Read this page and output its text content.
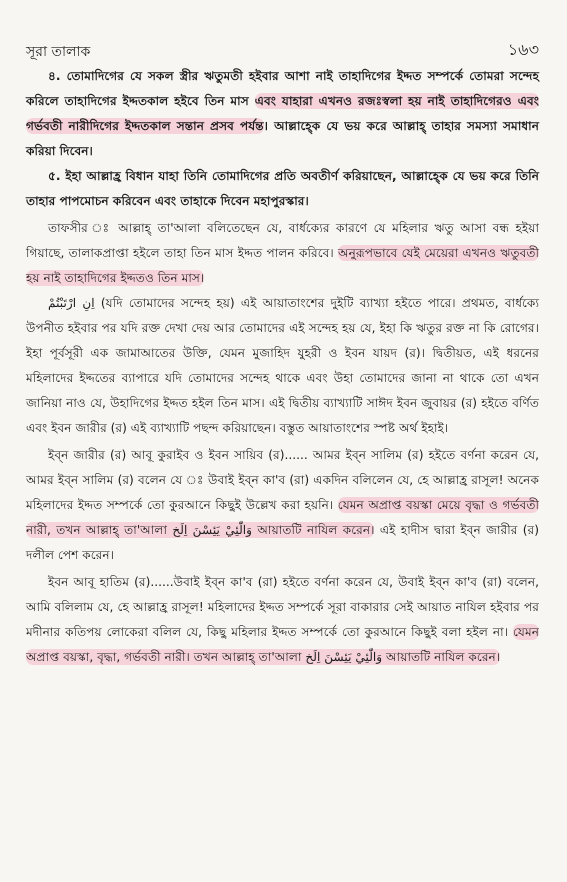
সূরা তালাক	১৬৩

৪. তোমাদিগের যে সকল স্ত্রীর ঋতুমতী হইবার আশা নাই তাহাদিগের ইদ্দত সম্পর্কে তোমরা সন্দেহ করিলে তাহাদিগের ইদ্দতকাল হইবে তিন মাস এবং যাহারা এখনও রজঃস্বলা হয় নাই তাহাদিগেরও এবং গর্ভবতী নারীদিগের ইদ্দতকাল সন্তান প্রসব পর্যন্ত। আল্লাহ্কে যে ভয় করে আল্লাহ্ তাহার সমস্যা সমাধান করিয়া দিবেন।

৫. ইহা আল্লাহ্র বিধান যাহা তিনি তোমাদিগের প্রতি অবতীর্ণ করিয়াছেন, আল্লাহ্কে যে ভয় করে তিনি তাহার পাপমোচন করিবেন এবং তাহাকে দিবেন মহাপুরস্কার।

তাফসীর ঃ আল্লাহ্ তা'আলা বলিতেছেন যে, বার্ধক্যের কারণে যে মহিলার ঋতু আসা বন্ধ হইয়া গিয়াছে, তালাকপ্রাপ্তা হইলে তাহা তিন মাস ইদ্দত পালন করিবে। অনুরূপভাবে যেই মেয়েরা এখনও ঋতুবতী হয় নাই তাহাদিগের ইদ্দতও তিন মাস।

اِنِ ارْتَبْتُمْ (যদি তোমাদের সন্দেহ হয়) এই আয়াতাংশের দুইটি ব্যাখ্যা হইতে পারে। প্রথমত, বার্ধক্যে উপনীত হইবার পর যদি রক্ত দেখা দেয় আর তোমাদের এই সন্দেহ হয় যে, ইহা কি ঋতুর রক্ত না কি রোগের। ইহা পূর্বসূরী এক জামাআতের উক্তি, যেমন মুজাহিদ যুহরী ও ইবন যায়দ (র)। দ্বিতীয়ত, এই ধরনের মহিলাদের ইদ্দতের ব্যাপারে যদি তোমাদের সন্দেহ থাকে এবং উহা তোমাদের জানা না থাকে তো এখন জানিয়া নাও যে, উহাদিগের ইদ্দত হইল তিন মাস। এই দ্বিতীয় ব্যাখ্যাটি সাঈদ ইবন জুবায়র (র) হইতে বর্ণিত এবং ইবন জারীর (র) এই ব্যাখ্যাটি পছন্দ করিয়াছেন। বস্তুত আয়াতাংশের স্পষ্ট অর্থ ইহাই।

ইব্ন জারীর (র) আবূ কুরাইব ও ইবন সায়িব (র)...... আমর ইব্ন সালিম (র) হইতে বর্ণনা করেন যে, আমর ইব্ন সালিম (র) বলেন যে ঃ উবাই ইব্ন কা'ব (রা) একদিন বলিলেন যে, হে আল্লাহ্র রাসূল! অনেক মহিলাদের ইদ্দত সম্পর্কে তো কুরআনে কিছুই উল্লেখ করা হয়নি। যেমন অপ্রাপ্ত বয়স্কা মেয়ে বৃদ্ধা ও গর্ভবতী নারী, তখন আল্লাহ্ তা'আলা وَالّٰئِيْ يَئِسْنَ اِلَخ আয়াতটি নাযিল করেন। এই হাদীস দ্বারা ইব্ন জারীর (র) দলীল পেশ করেন।

ইবন আবূ হাতিম (র)......উবাই ইব্ন কা'ব (রা) হইতে বর্ণনা করেন যে, উবাই ইব্ন কা'ব (রা) বলেন, আমি বলিলাম যে, হে আল্লাহ্র রাসূল! মহিলাদের ইদ্দত সম্পর্কে সূরা বাকারার সেই আয়াত নাযিল হইবার পর মদীনার কতিপয় লোকেরা বলিল যে, কিছু মহিলার ইদ্দত সম্পর্কে তো কুরআনে কিছুই বলা হইল না। যেমন অপ্রাপ্ত বয়স্কা, বৃদ্ধা, গর্ভবতী নারী। তখন আল্লাহ্ তা'আলা وَالّٰئِيْ يَئِسْنَ اِلَخ আয়াতটি নাযিল করেন।
